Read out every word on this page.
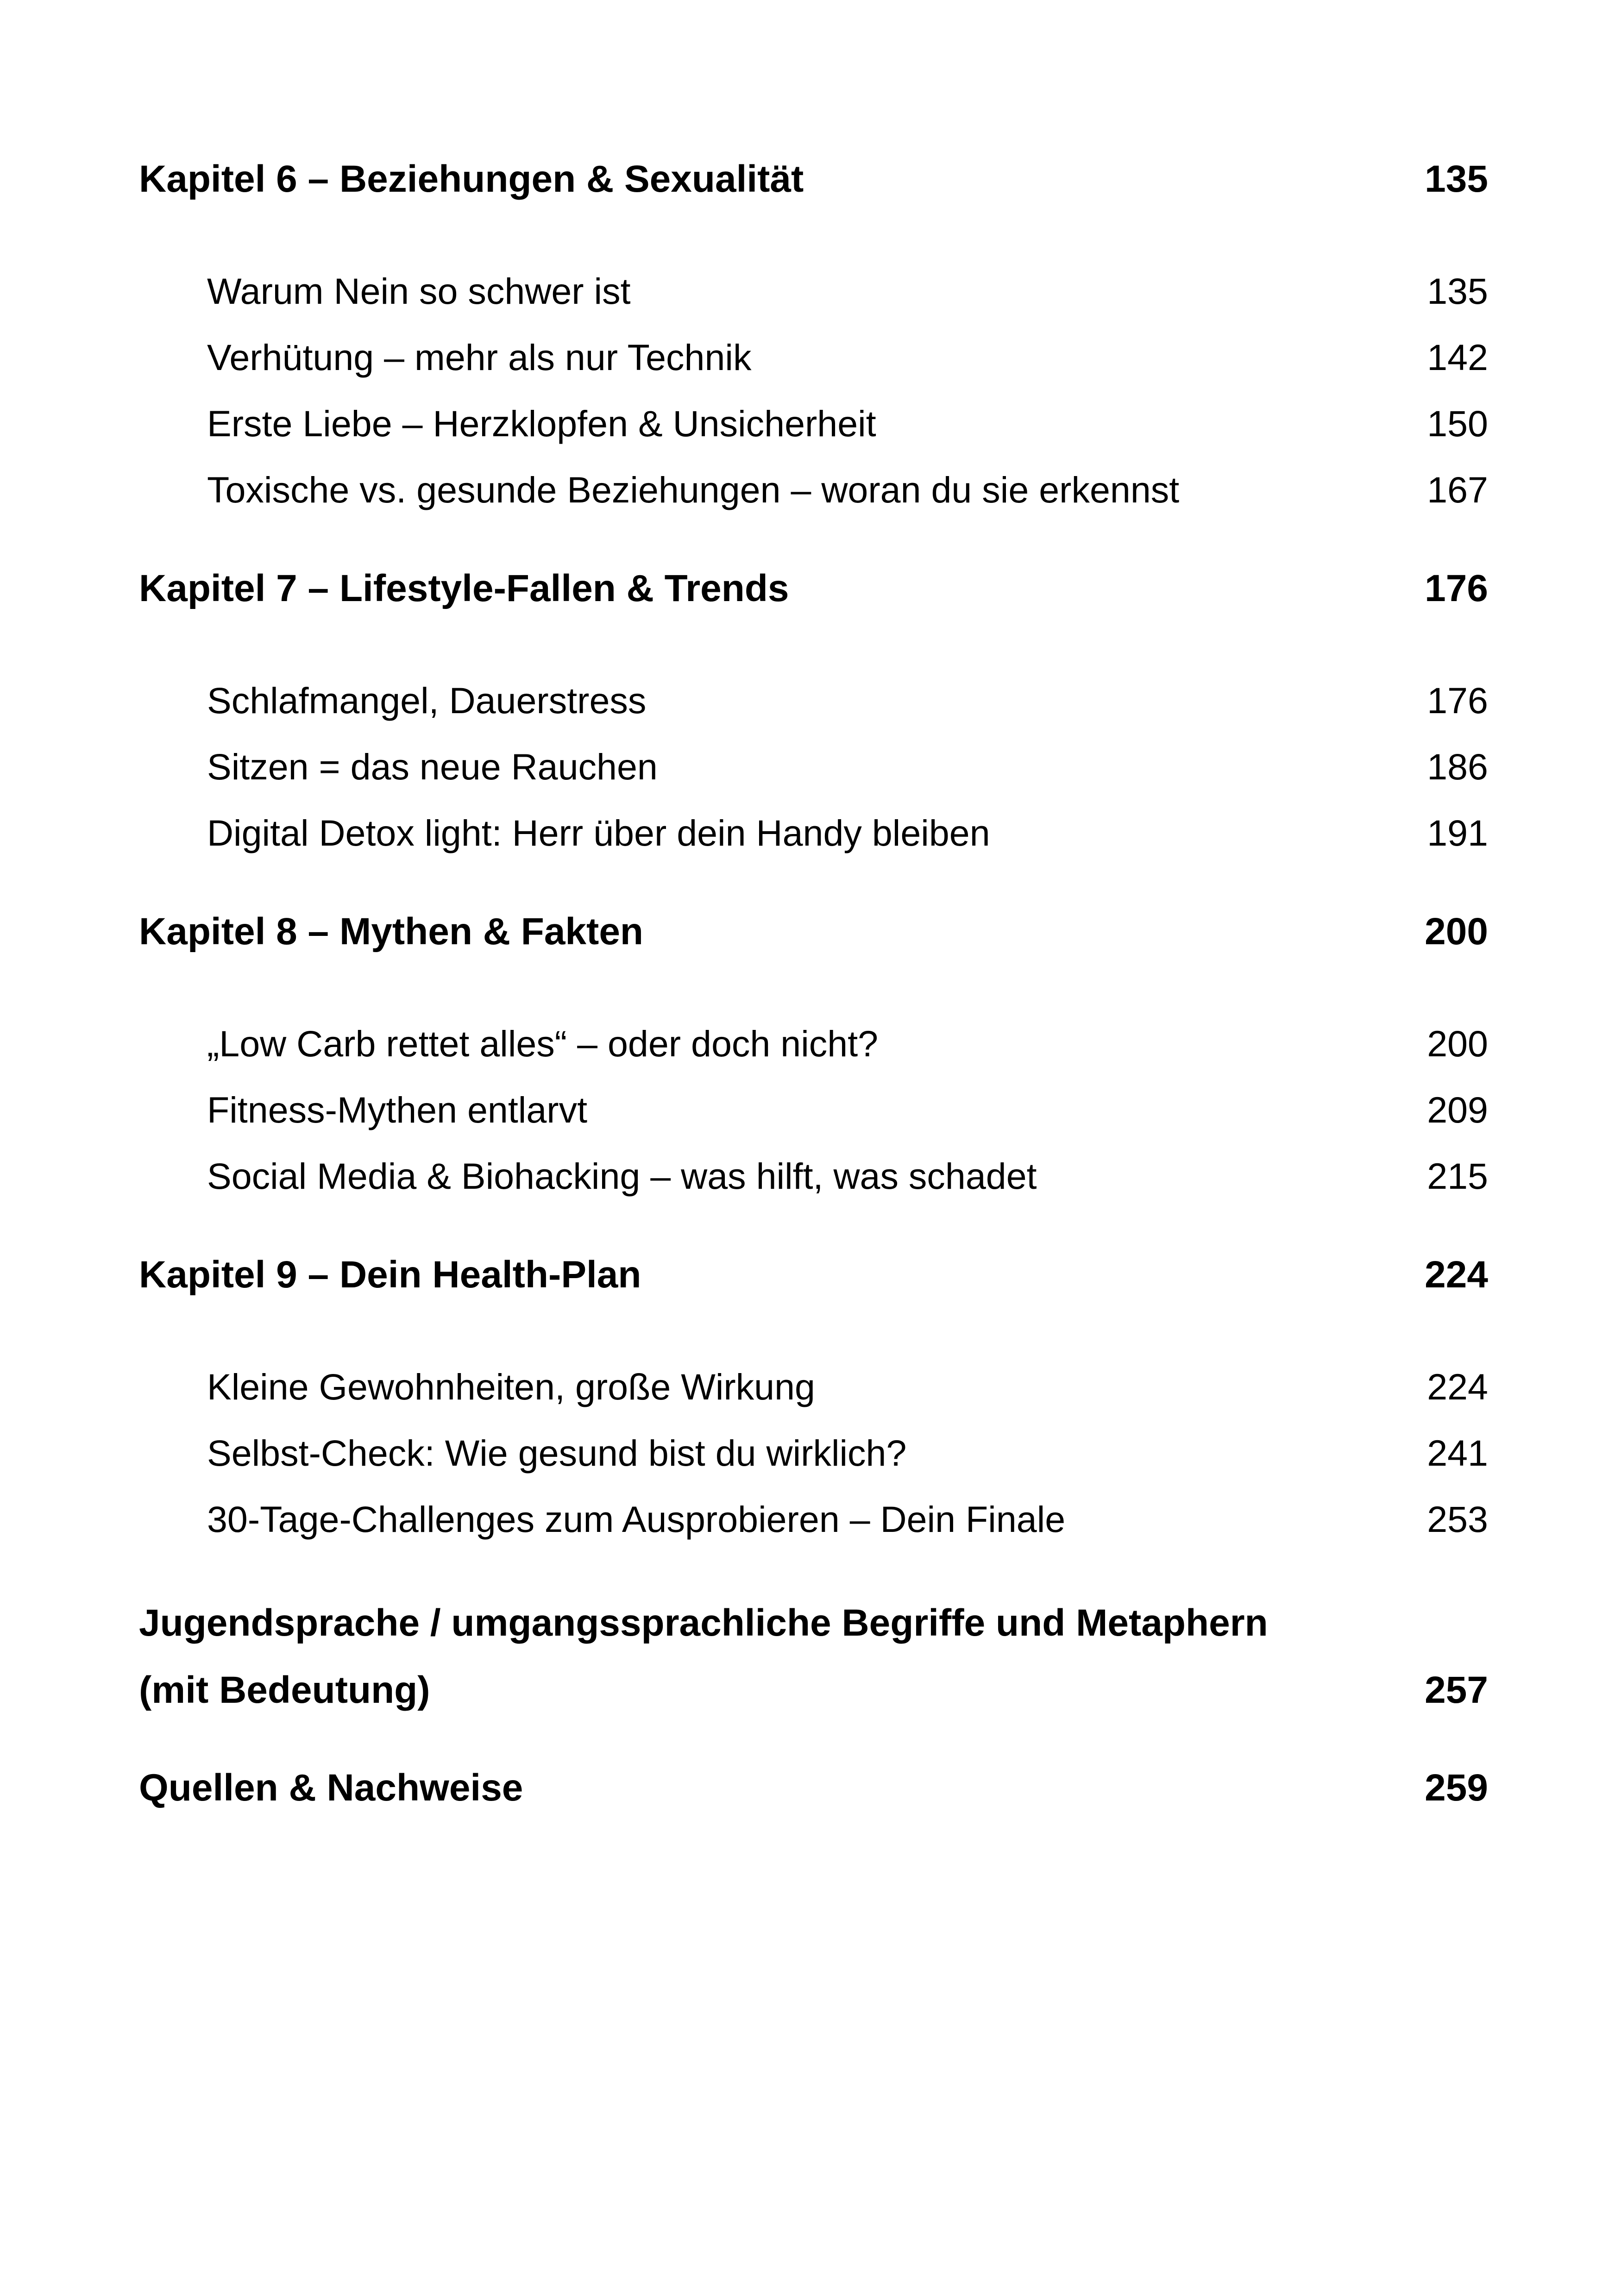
Kapitel 6 – Beziehungen & Sexualität	135
Warum Nein so schwer ist	135
Verhütung – mehr als nur Technik	142
Erste Liebe – Herzklopfen & Unsicherheit	150
Toxische vs. gesunde Beziehungen – woran du sie erkennst	167
Kapitel 7 – Lifestyle-Fallen & Trends	176
Schlafmangel, Dauerstress	176
Sitzen = das neue Rauchen	186
Digital Detox light: Herr über dein Handy bleiben	191
Kapitel 8 – Mythen & Fakten	200
„Low Carb rettet alles“ – oder doch nicht?	200
Fitness-Mythen entlarvt	209
Social Media & Biohacking – was hilft, was schadet	215
Kapitel 9 – Dein Health-Plan	224
Kleine Gewohnheiten, große Wirkung	224
Selbst-Check: Wie gesund bist du wirklich?	241
30-Tage-Challenges zum Ausprobieren – Dein Finale	253
Jugendsprache / umgangssprachliche Begriffe und Metaphern
(mit Bedeutung)	257
Quellen & Nachweise	259
